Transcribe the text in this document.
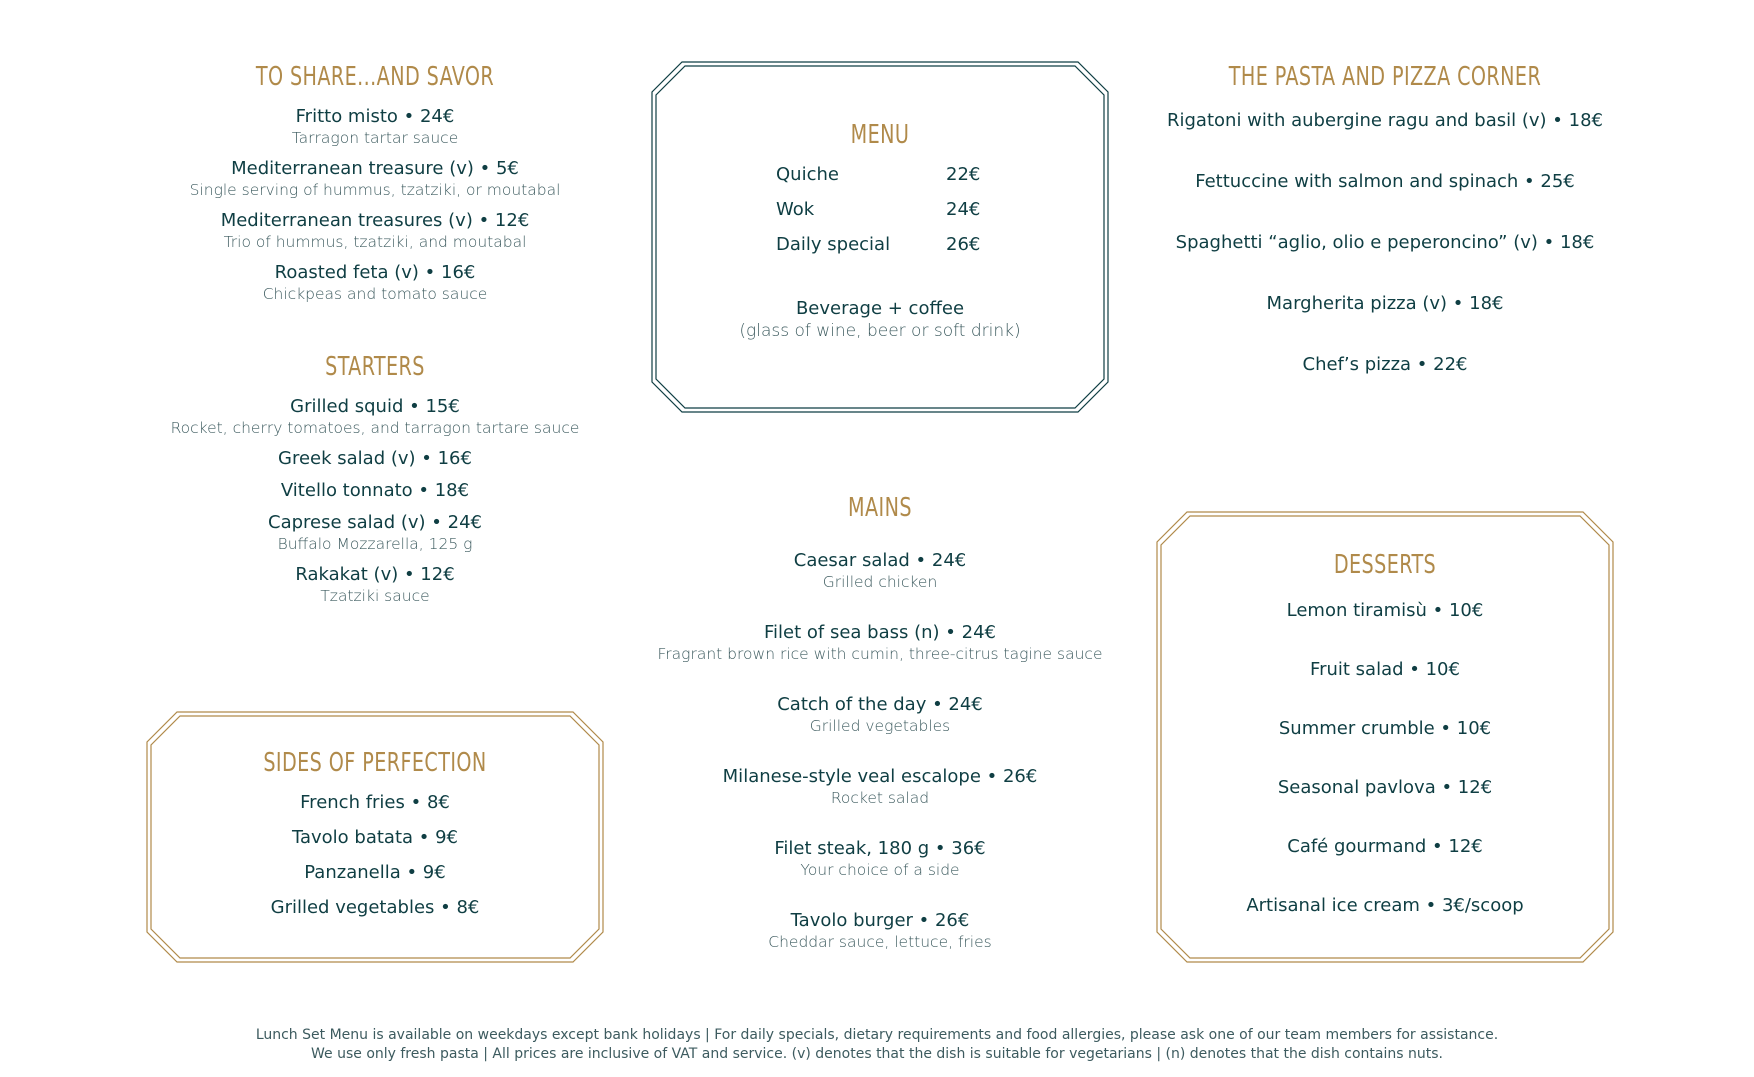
TO SHARE...AND SAVOR
Fritto misto • 24€
Tarragon tartar sauce
Mediterranean treasure (v) • 5€
Single serving of hummus, tzatziki, or moutabal
Mediterranean treasures (v) • 12€
Trio of hummus, tzatziki, and moutabal
Roasted feta (v) • 16€
Chickpeas and tomato sauce
STARTERS
Grilled squid • 15€
Rocket, cherry tomatoes, and tarragon tartare sauce
Greek salad (v) • 16€
Vitello tonnato • 18€
Caprese salad (v) • 24€
Buffalo Mozzarella, 125 g
Rakakat (v) • 12€
Tzatziki sauce
SIDES OF PERFECTION
French fries • 8€
Tavolo batata • 9€
Panzanella • 9€
Grilled vegetables • 8€
MENU
Quiche	22€
Wok	24€
Daily special	26€
Beverage + coffee
(glass of wine, beer or soft drink)
MAINS
Caesar salad • 24€
Grilled chicken
Filet of sea bass (n) • 24€
Fragrant brown rice with cumin, three-citrus tagine sauce
Catch of the day • 24€
Grilled vegetables
Milanese-style veal escalope • 26€
Rocket salad
Filet steak, 180 g • 36€
Your choice of a side
Tavolo burger • 26€
Cheddar sauce, lettuce, fries
THE PASTA AND PIZZA CORNER
Rigatoni with aubergine ragu and basil (v) • 18€
Fettuccine with salmon and spinach • 25€
Spaghetti “aglio, olio e peperoncino” (v) • 18€
Margherita pizza (v) • 18€
Chef’s pizza • 22€
DESSERTS
Lemon tiramisù • 10€
Fruit salad • 10€
Summer crumble • 10€
Seasonal pavlova • 12€
Café gourmand • 12€
Artisanal ice cream • 3€/scoop
Lunch Set Menu is available on weekdays except bank holidays | For daily specials, dietary requirements and food allergies, please ask one of our team members for assistance.
We use only fresh pasta | All prices are inclusive of VAT and service. (v) denotes that the dish is suitable for vegetarians | (n) denotes that the dish contains nuts.
